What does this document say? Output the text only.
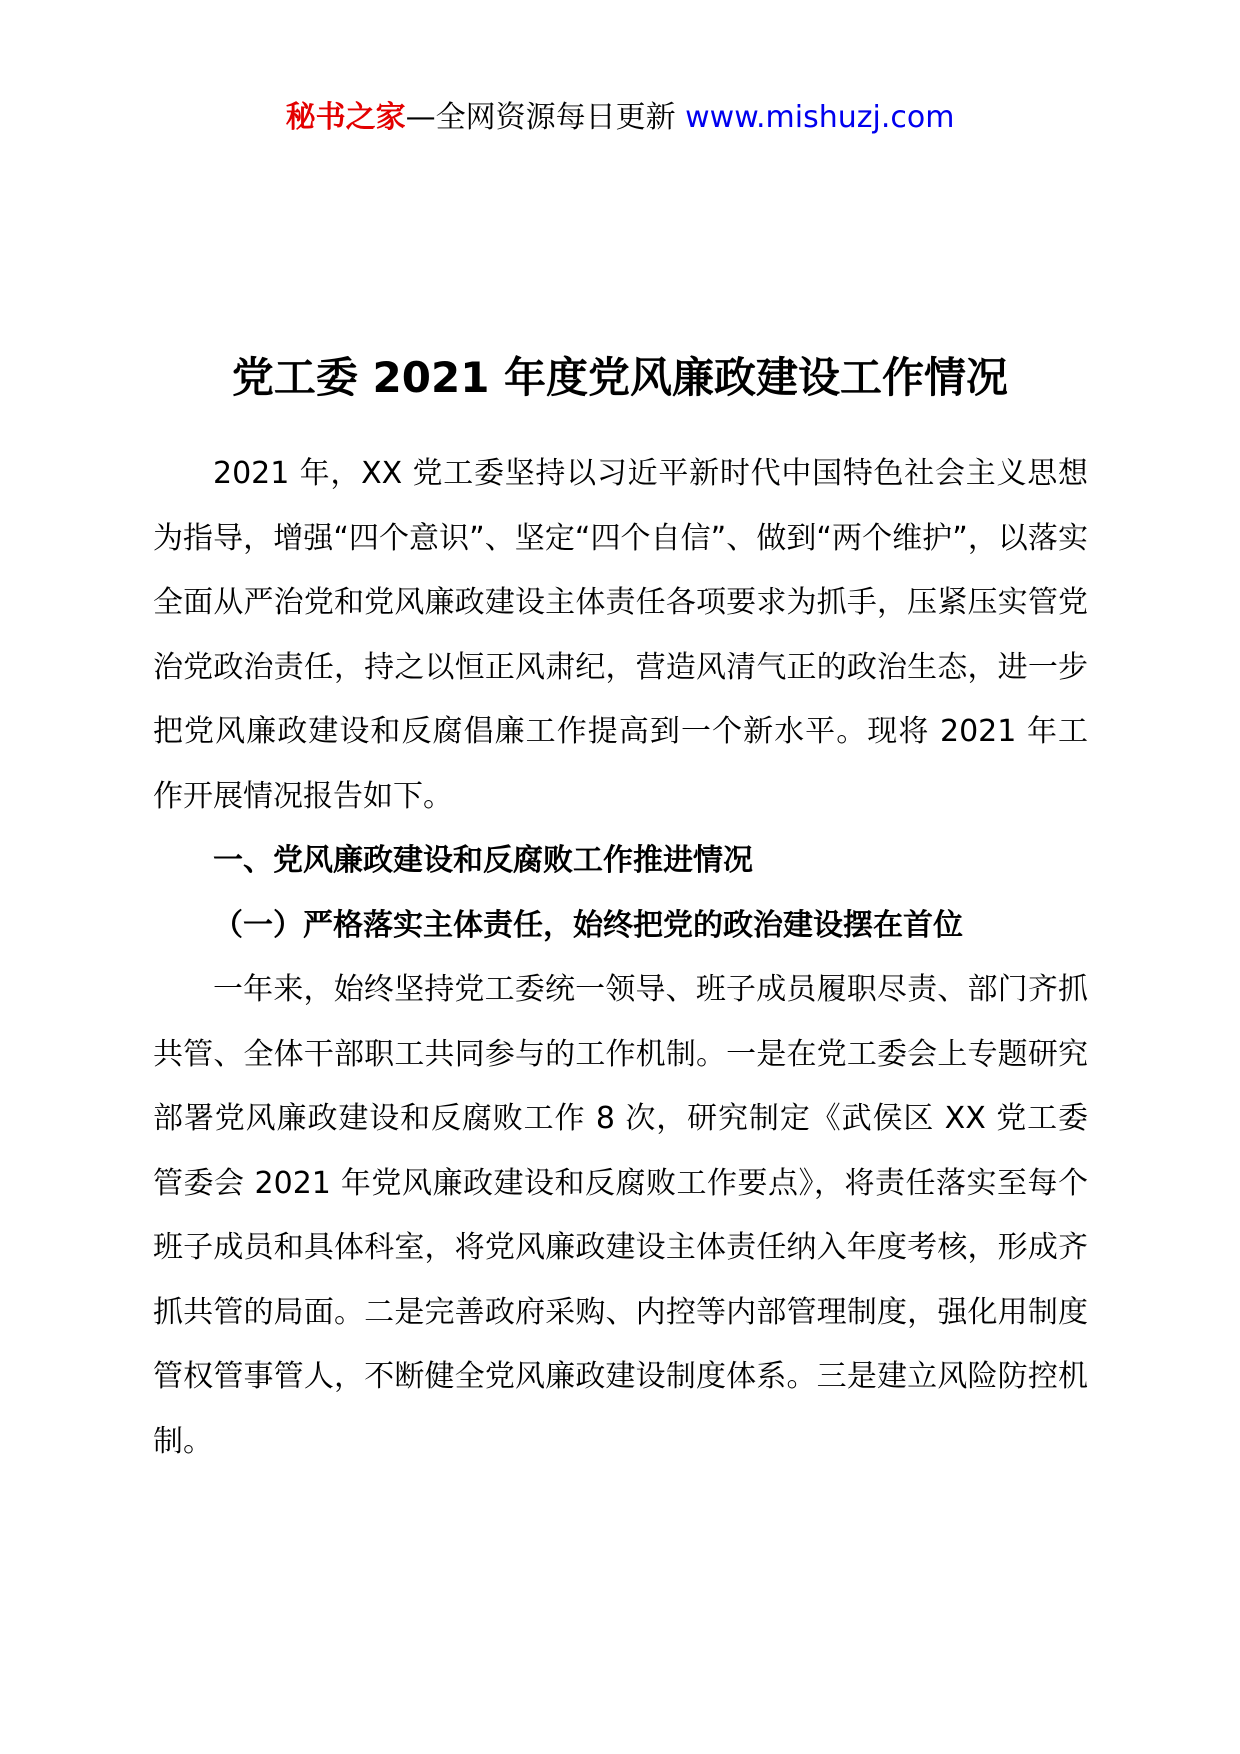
秘书之家—全网资源每日更新 www.mishuzj.com
党工委 2021 年度党风廉政建设工作情况

2021 年，XX 党工委坚持以习近平新时代中国特色社会主义思想为指导，增强“四个意识”、坚定“四个自信”、做到“两个维护”，以落实全面从严治党和党风廉政建设主体责任各项要求为抓手，压紧压实管党治党政治责任，持之以恒正风肃纪，营造风清气正的政治生态，进一步把党风廉政建设和反腐倡廉工作提高到一个新水平。现将 2021 年工作开展情况报告如下。

一、党风廉政建设和反腐败工作推进情况

（一）严格落实主体责任，始终把党的政治建设摆在首位

一年来，始终坚持党工委统一领导、班子成员履职尽责、部门齐抓共管、全体干部职工共同参与的工作机制。一是在党工委会上专题研究部署党风廉政建设和反腐败工作 8 次，研究制定《武侯区 XX 党工委管委会 2021 年党风廉政建设和反腐败工作要点》，将责任落实至每个班子成员和具体科室，将党风廉政建设主体责任纳入年度考核，形成齐抓共管的局面。二是完善政府采购、内控等内部管理制度，强化用制度管权管事管人，不断健全党风廉政建设制度体系。三是建立风险防控机制。
